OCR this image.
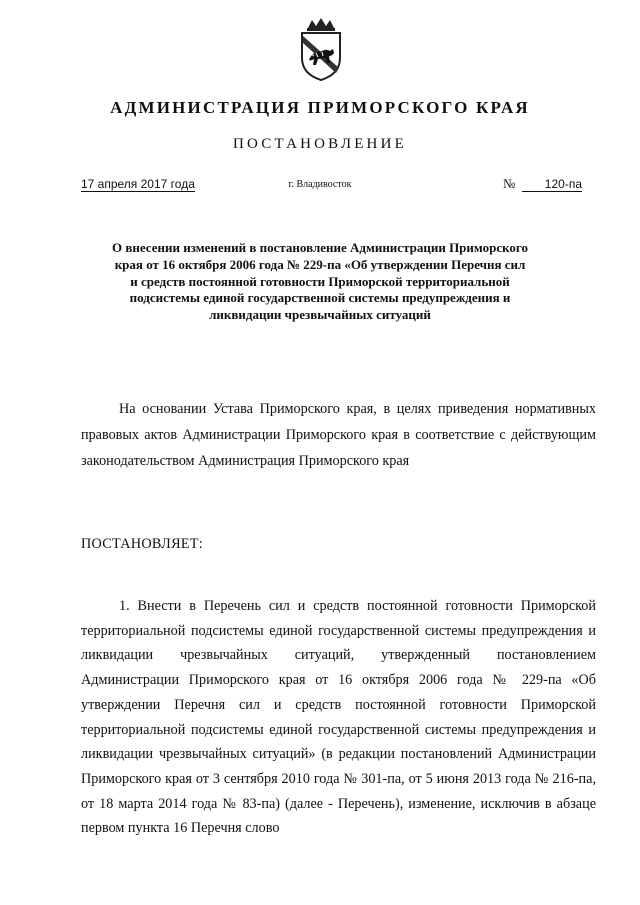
АДМИНИСТРАЦИЯ ПРИМОРСКОГО КРАЯ
ПОСТАНОВЛЕНИЕ
17 апреля 2017 года	г. Владивосток	№	120-па
О внесении изменений в постановление Администрации Приморского края от 16 октября 2006 года № 229-па «Об утверждении Перечня сил и средств постоянной готовности Приморской территориальной подсистемы единой государственной системы предупреждения и ликвидации чрезвычайных ситуаций
На основании Устава Приморского края, в целях приведения нормативных правовых актов Администрации Приморского края в соответствие с действующим законодательством Администрация Приморского края
ПОСТАНОВЛЯЕТ:
1. Внести в Перечень сил и средств постоянной готовности Приморской территориальной подсистемы единой государственной системы предупреждения и ликвидации чрезвычайных ситуаций, утвержденный постановлением Администрации Приморского края от 16 октября 2006 года № 229-па «Об утверждении Перечня сил и средств постоянной готовности Приморской территориальной подсистемы единой государственной системы предупреждения и ликвидации чрезвычайных ситуаций» (в редакции постановлений Администрации Приморского края от 3 сентября 2010 года № 301-па, от 5 июня 2013 года № 216-па, от 18 марта 2014 года № 83-па) (далее - Перечень), изменение, исключив в абзаце первом пункта 16 Перечня слово
